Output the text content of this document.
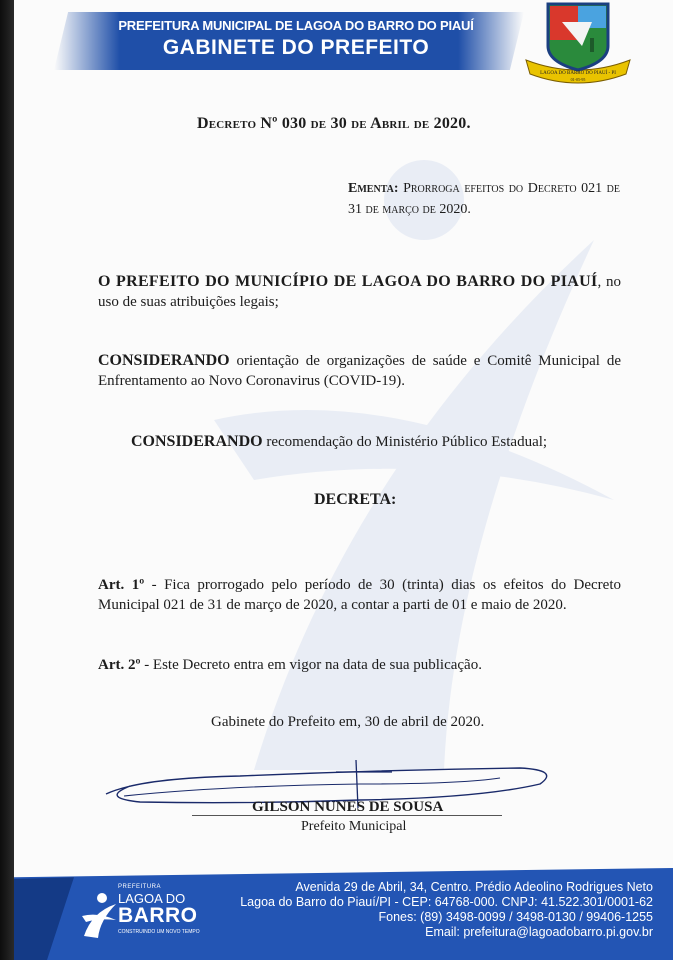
PREFEITURA MUNICIPAL DE LAGOA DO BARRO DO PIAUÍ
GABINETE DO PREFEITO
LAGOA DO BARRO DO PIAUÍ - PI
01-05-95
Decreto Nº 030 de 30 de Abril de 2020.
Ementa: Prorroga efeitos do Decreto 021 de 31 de março de 2020.
O PREFEITO DO MUNICÍPIO DE LAGOA DO BARRO DO PIAUÍ, no uso de suas atribuições legais;
CONSIDERANDO orientação de organizações de saúde e Comitê Municipal de Enfrentamento ao Novo Coronavirus (COVID-19).
CONSIDERANDO recomendação do Ministério Público Estadual;
DECRETA:
Art. 1º - Fica prorrogado pelo período de 30 (trinta) dias os efeitos do Decreto Municipal 021 de 31 de março de 2020, a contar a parti de 01 e maio de 2020.
Art. 2º - Este Decreto entra em vigor na data de sua publicação.
Gabinete do Prefeito em, 30 de abril de 2020.
GILSON NUNES DE SOUSA
Prefeito Municipal
PREFEITURA
LAGOA DO
BARRO
CONSTRUINDO UM NOVO TEMPO
Avenida 29 de Abril, 34, Centro. Prédio Adeolino Rodrigues Neto
Lagoa do Barro do Piauí/PI - CEP: 64768-000. CNPJ: 41.522.301/0001-62
Fones: (89) 3498-0099 / 3498-0130 / 99406-1255
Email: prefeitura@lagoadobarro.pi.gov.br
